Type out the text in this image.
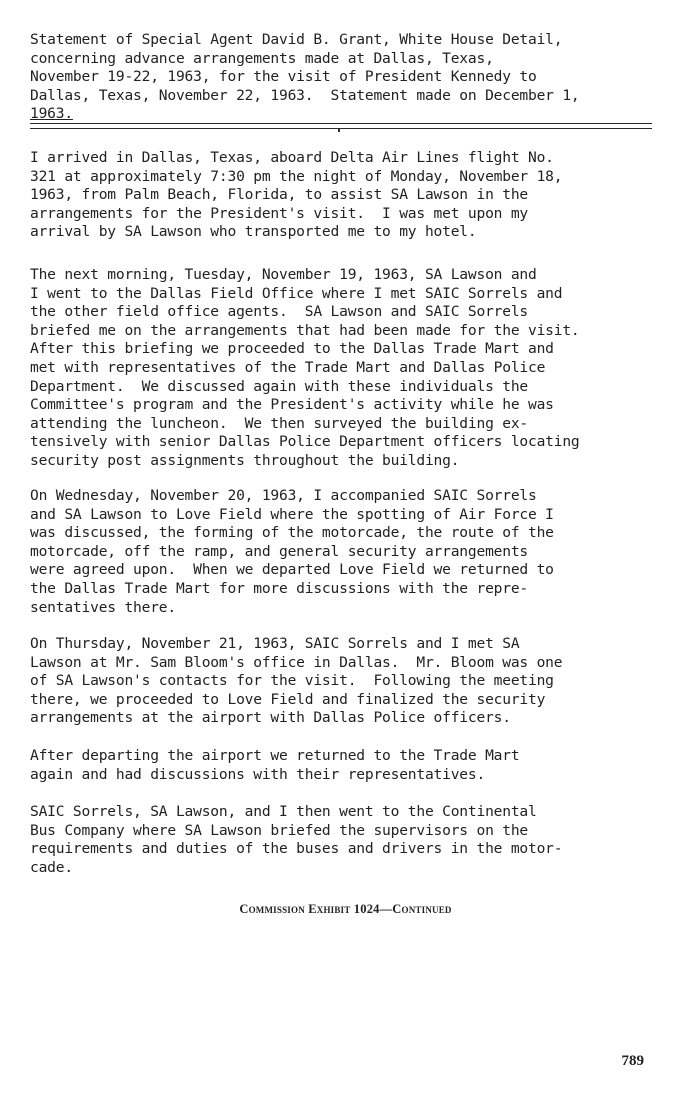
Statement of Special Agent David B. Grant, White House Detail,
concerning advance arrangements made at Dallas, Texas,
November 19-22, 1963, for the visit of President Kennedy to
Dallas, Texas, November 22, 1963.  Statement made on December 1,
1963.

I arrived in Dallas, Texas, aboard Delta Air Lines flight No.
321 at approximately 7:30 pm the night of Monday, November 18,
1963, from Palm Beach, Florida, to assist SA Lawson in the
arrangements for the President's visit.  I was met upon my
arrival by SA Lawson who transported me to my hotel.

The next morning, Tuesday, November 19, 1963, SA Lawson and
I went to the Dallas Field Office where I met SAIC Sorrels and
the other field office agents.  SA Lawson and SAIC Sorrels
briefed me on the arrangements that had been made for the visit.
After this briefing we proceeded to the Dallas Trade Mart and
met with representatives of the Trade Mart and Dallas Police
Department.  We discussed again with these individuals the
Committee's program and the President's activity while he was
attending the luncheon.  We then surveyed the building ex-
tensively with senior Dallas Police Department officers locating
security post assignments throughout the building.

On Wednesday, November 20, 1963, I accompanied SAIC Sorrels
and SA Lawson to Love Field where the spotting of Air Force I
was discussed, the forming of the motorcade, the route of the
motorcade, off the ramp, and general security arrangements
were agreed upon.  When we departed Love Field we returned to
the Dallas Trade Mart for more discussions with the repre-
sentatives there.

On Thursday, November 21, 1963, SAIC Sorrels and I met SA
Lawson at Mr. Sam Bloom's office in Dallas.  Mr. Bloom was one
of SA Lawson's contacts for the visit.  Following the meeting
there, we proceeded to Love Field and finalized the security
arrangements at the airport with Dallas Police officers.

After departing the airport we returned to the Trade Mart
again and had discussions with their representatives.

SAIC Sorrels, SA Lawson, and I then went to the Continental
Bus Company where SA Lawson briefed the supervisors on the
requirements and duties of the buses and drivers in the motor-
cade.

Commission Exhibit 1024—Continued
789
